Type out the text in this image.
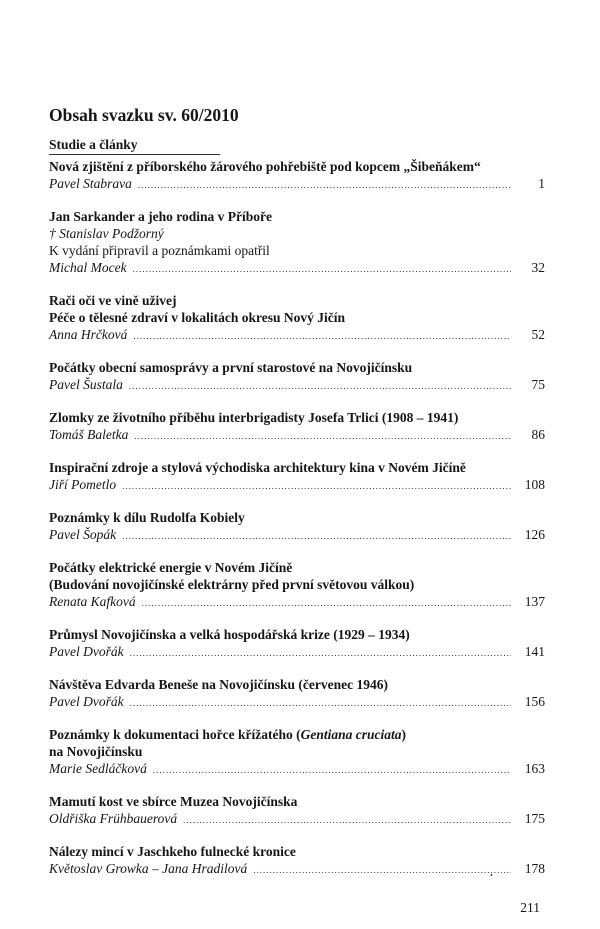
Obsah svazku sv. 60/2010
Studie a články
Nová zjištění z příborského žárového pohřebiště pod kopcem „Šibeňákem“
Pavel Stabrava .....	1
Jan Sarkander a jeho rodina v Příboře
† Stanislav Podžorný
K vydání připravil a poznámkami opatřil
Michal Mocek .....	32
Rači oči ve vině uživej
Péče o tělesné zdraví v lokalitách okresu Nový Jičín
Anna Hrčková .....	52
Počátky obecní samosprávy a první starostové na Novojičínsku
Pavel Šustala .....	75
Zlomky ze životního příběhu interbrigadisty Josefa Trlici (1908 – 1941)
Tomáš Baletka .....	86
Inspirační zdroje a stylová východiska architektury kina v Novém Jičíně
Jiří Pometlo .....	108
Poznámky k dílu Rudolfa Kobiely
Pavel Šopák .....	126
Počátky elektrické energie v Novém Jičíně
(Budování novojičínské elektrárny před první světovou válkou)
Renata Kafková .....	137
Průmysl Novojičínska a velká hospodářská krize (1929 – 1934)
Pavel Dvořák .....	141
Návštěva Edvarda Beneše na Novojičínsku (červenec 1946)
Pavel Dvořák .....	156
Poznámky k dokumentaci hořce křížatého (Gentiana cruciata)
na Novojičínsku
Marie Sedláčková .....	163
Mamutí kost ve sbírce Muzea Novojičínska
Oldřiška Frühbauerová .....	175
Nálezy mincí v Jaschkeho fulnecké kronice
Květoslav Growka – Jana Hradilová .....	178
•
211
